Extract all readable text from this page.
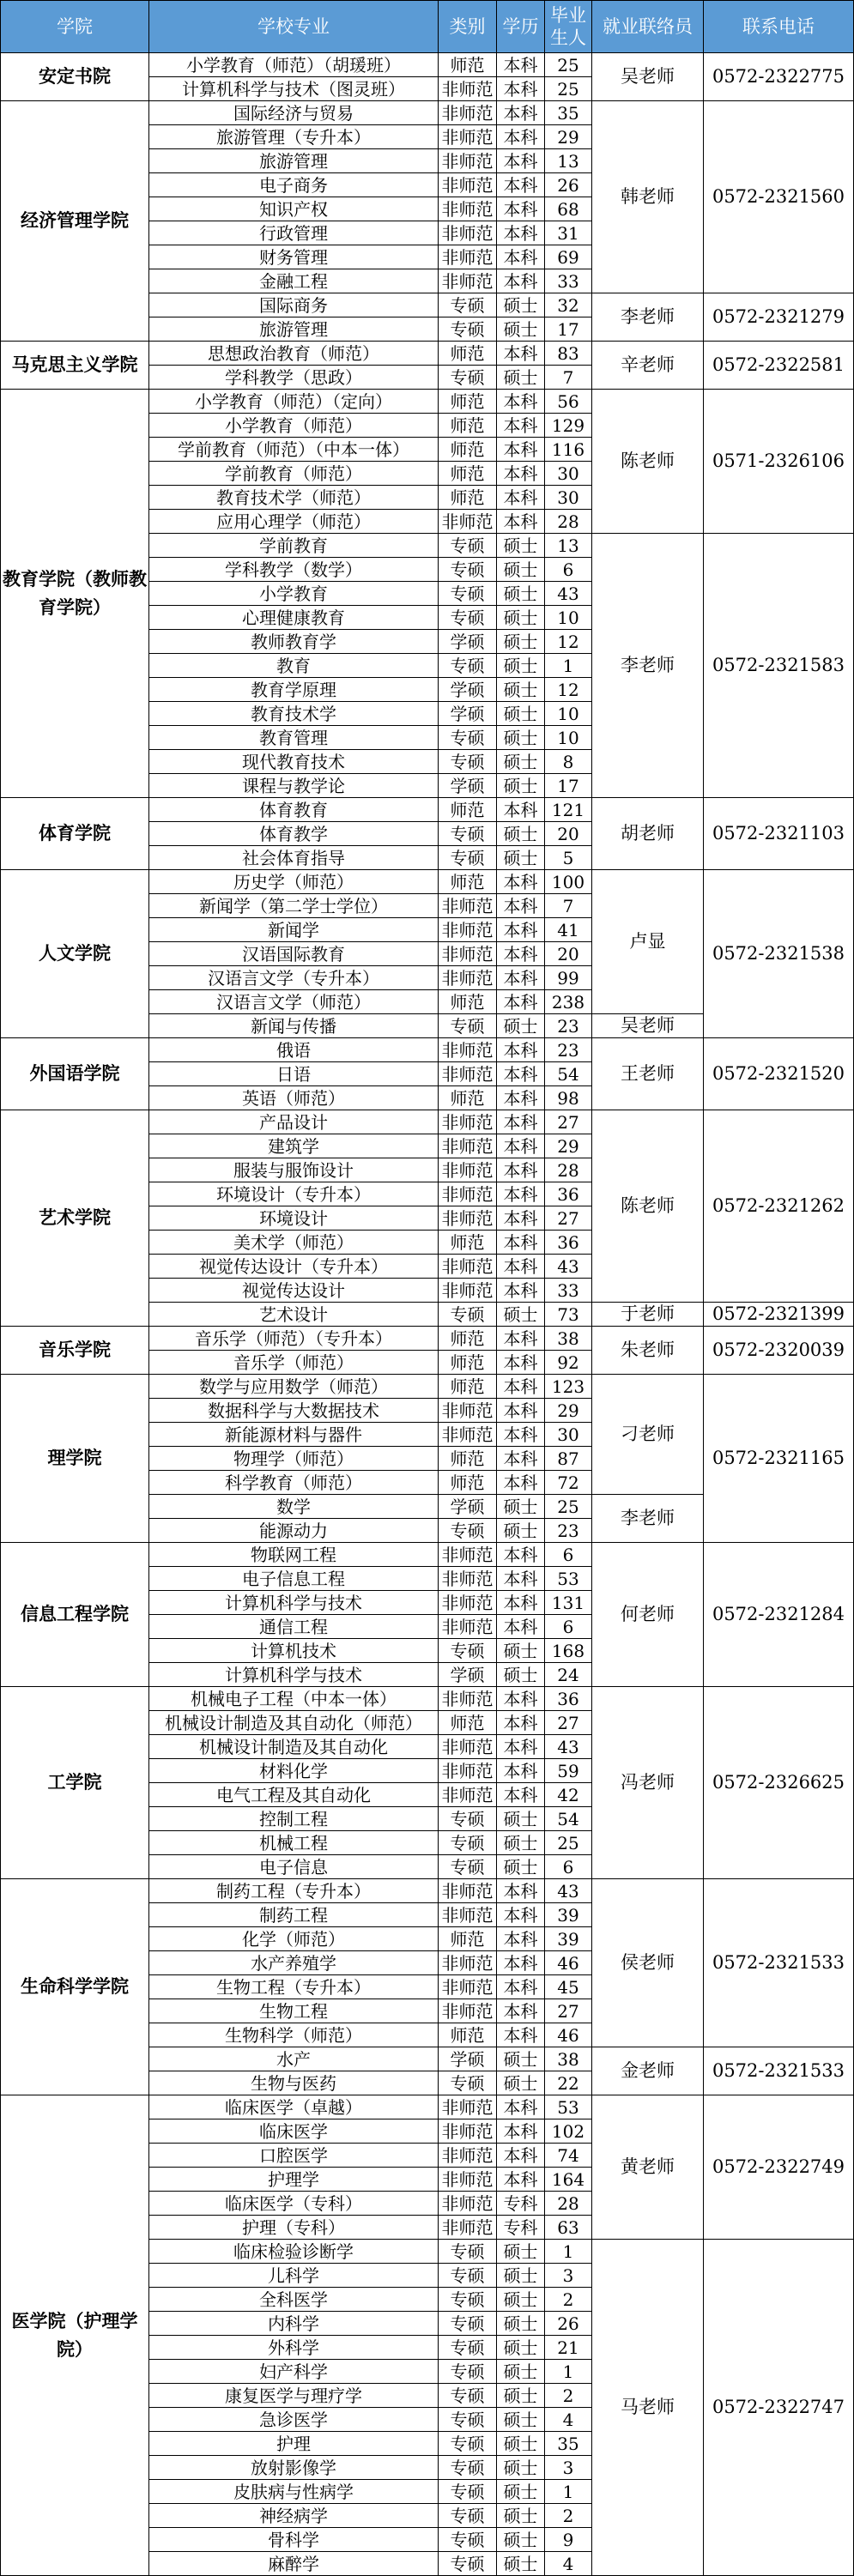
学院	学校专业	类别	学历	毕业生人	就业联络员	联系电话
安定书院	小学教育（师范）（胡瑗班）	师范	本科	25	吴老师	0572-2322775
	计算机科学与技术（图灵班）	非师范	本科	25		
经济管理学院	国际经济与贸易	非师范	本科	35	韩老师	0572-2321560
	旅游管理（专升本）	非师范	本科	29		
	旅游管理	非师范	本科	13		
	电子商务	非师范	本科	26		
	知识产权	非师范	本科	68		
	行政管理	非师范	本科	31		
	财务管理	非师范	本科	69		
	金融工程	非师范	本科	33		
	国际商务	专硕	硕士	32	李老师	0572-2321279
	旅游管理	专硕	硕士	17		
马克思主义学院	思想政治教育（师范）	师范	本科	83	辛老师	0572-2322581
	学科教学（思政）	专硕	硕士	7		
教育学院（教师教育学院）	小学教育（师范）（定向）	师范	本科	56	陈老师	0571-2326106
	小学教育（师范）	师范	本科	129		
	学前教育（师范）（中本一体）	师范	本科	116		
	学前教育（师范）	师范	本科	30		
	教育技术学（师范）	师范	本科	30		
	应用心理学（师范）	非师范	本科	28		
	学前教育	专硕	硕士	13	李老师	0572-2321583
	学科教学（数学）	专硕	硕士	6		
	小学教育	专硕	硕士	43		
	心理健康教育	专硕	硕士	10		
	教师教育学	学硕	硕士	12		
	教育	专硕	硕士	1		
	教育学原理	学硕	硕士	12		
	教育技术学	学硕	硕士	10		
	教育管理	专硕	硕士	10		
	现代教育技术	专硕	硕士	8		
	课程与教学论	学硕	硕士	17		
体育学院	体育教育	师范	本科	121	胡老师	0572-2321103
	体育教学	专硕	硕士	20		
	社会体育指导	专硕	硕士	5		
人文学院	历史学（师范）	师范	本科	100	卢显	0572-2321538
	新闻学（第二学士学位）	非师范	本科	7		
	新闻学	非师范	本科	41		
	汉语国际教育	非师范	本科	20		
	汉语言文学（专升本）	非师范	本科	99		
	汉语言文学（师范）	师范	本科	238		
	新闻与传播	专硕	硕士	23	吴老师	
外国语学院	俄语	非师范	本科	23	王老师	0572-2321520
	日语	非师范	本科	54		
	英语（师范）	师范	本科	98		
艺术学院	产品设计	非师范	本科	27	陈老师	0572-2321262
	建筑学	非师范	本科	29		
	服装与服饰设计	非师范	本科	28		
	环境设计（专升本）	非师范	本科	36		
	环境设计	非师范	本科	27		
	美术学（师范）	师范	本科	36		
	视觉传达设计（专升本）	非师范	本科	43		
	视觉传达设计	非师范	本科	33		
	艺术设计	专硕	硕士	73	于老师	0572-2321399
音乐学院	音乐学（师范）（专升本）	师范	本科	38	朱老师	0572-2320039
	音乐学（师范）	师范	本科	92		
理学院	数学与应用数学（师范）	师范	本科	123	刁老师	0572-2321165
	数据科学与大数据技术	非师范	本科	29		
	新能源材料与器件	非师范	本科	30		
	物理学（师范）	师范	本科	87		
	科学教育（师范）	师范	本科	72		
	数学	学硕	硕士	25	李老师	
	能源动力	专硕	硕士	23		
信息工程学院	物联网工程	非师范	本科	6	何老师	0572-2321284
	电子信息工程	非师范	本科	53		
	计算机科学与技术	非师范	本科	131		
	通信工程	非师范	本科	6		
	计算机技术	专硕	硕士	168		
	计算机科学与技术	学硕	硕士	24		
工学院	机械电子工程（中本一体）	非师范	本科	36	冯老师	0572-2326625
	机械设计制造及其自动化（师范）	师范	本科	27		
	机械设计制造及其自动化	非师范	本科	43		
	材料化学	非师范	本科	59		
	电气工程及其自动化	非师范	本科	42		
	控制工程	专硕	硕士	54		
	机械工程	专硕	硕士	25		
	电子信息	专硕	硕士	6		
生命科学学院	制药工程（专升本）	非师范	本科	43	侯老师	0572-2321533
	制药工程	非师范	本科	39		
	化学（师范）	师范	本科	39		
	水产养殖学	非师范	本科	46		
	生物工程（专升本）	非师范	本科	45		
	生物工程	非师范	本科	27		
	生物科学（师范）	师范	本科	46		
	水产	学硕	硕士	38	金老师	0572-2321533
	生物与医药	专硕	硕士	22		
医学院（护理学院）	临床医学（卓越）	非师范	本科	53	黄老师	0572-2322749
	临床医学	非师范	本科	102		
	口腔医学	非师范	本科	74		
	护理学	非师范	本科	164		
	临床医学（专科）	非师范	专科	28		
	护理（专科）	非师范	专科	63		
	临床检验诊断学	专硕	硕士	1	马老师	0572-2322747
	儿科学	专硕	硕士	3		
	全科医学	专硕	硕士	2		
	内科学	专硕	硕士	26		
	外科学	专硕	硕士	21		
	妇产科学	专硕	硕士	1		
	康复医学与理疗学	专硕	硕士	2		
	急诊医学	专硕	硕士	4		
	护理	专硕	硕士	35		
	放射影像学	专硕	硕士	3		
	皮肤病与性病学	专硕	硕士	1		
	神经病学	专硕	硕士	2		
	骨科学	专硕	硕士	9		
	麻醉学	专硕	硕士	4		
